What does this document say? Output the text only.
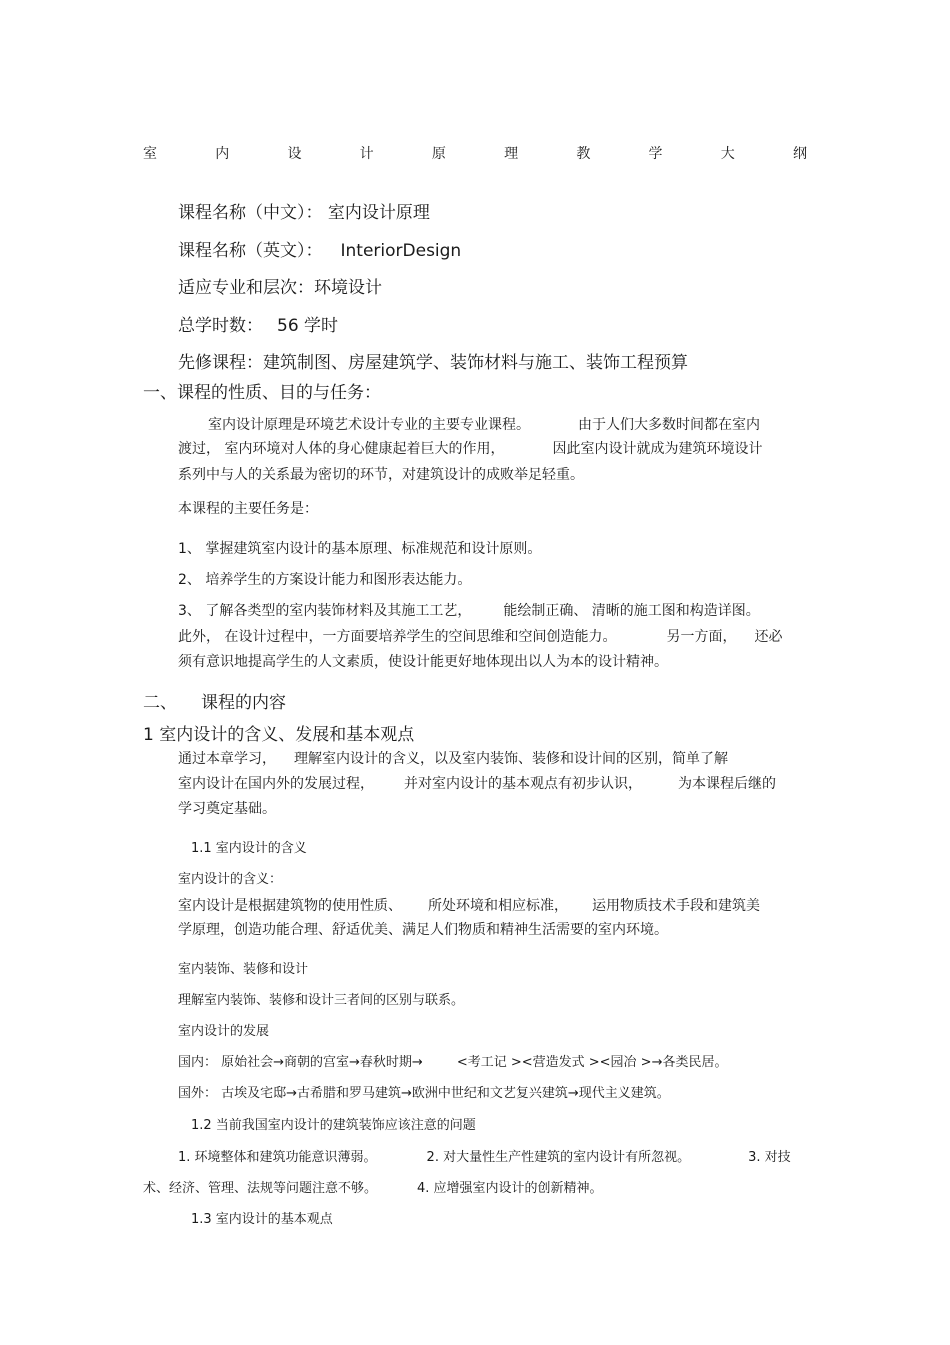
室	内	设	计	原	理	教	学	大	纲

课程名称（中文）： 室内设计原理

课程名称（英文）： InteriorDesign

适应专业和层次：环境设计

总学时数： 56 学时

先修课程：建筑制图、房屋建筑学、装饰材料与施工、装饰工程预算

一、课程的性质、目的与任务：

室内设计原理是环境艺术设计专业的主要专业课程。	由于人们大多数时间都在室内

渡过， 室内环境对人体的身心健康起着巨大的作用，	因此室内设计就成为建筑环境设计

系列中与人的关系最为密切的环节，对建筑设计的成败举足轻重。

本课程的主要任务是：

1、 掌握建筑室内设计的基本原理、标准规范和设计原则。

2、 培养学生的方案设计能力和图形表达能力。

3、 了解各类型的室内装饰材料及其施工工艺， 能绘制正确、 清晰的施工图和构造详图。

此外， 在设计过程中，一方面要培养学生的空间思维和空间创造能力。	另一方面， 还必

须有意识地提高学生的人文素质，使设计能更好地体现出以人为本的设计精神。

二、 课程的内容

1 室内设计的含义、发展和基本观点

通过本章学习， 理解室内设计的含义，以及室内装饰、装修和设计间的区别，简单了解

室内设计在国内外的发展过程， 并对室内设计的基本观点有初步认识，	为本课程后继的

学习奠定基础。

1.1 室内设计的含义

室内设计的含义：

室内设计是根据建筑物的使用性质、 所处环境和相应标准， 运用物质技术手段和建筑美

学原理，创造功能合理、舒适优美、满足人们物质和精神生活需要的室内环境。

室内装饰、装修和设计

理解室内装饰、装修和设计三者间的区别与联系。

室内设计的发展

国内： 原始社会→商朝的宫室→春秋时期→	<考工记 ><营造发式 ><园冶 >→各类民居。

国外： 古埃及宅邸→古希腊和罗马建筑→欧洲中世纪和文艺复兴建筑→现代主义建筑。

1.2 当前我国室内设计的建筑装饰应该注意的问题

1. 环境整体和建筑功能意识薄弱。	2. 对大量性生产性建筑的室内设计有所忽视。	3. 对技

术、经济、管理、法规等问题注意不够。	4. 应增强室内设计的创新精神。

1.3 室内设计的基本观点
